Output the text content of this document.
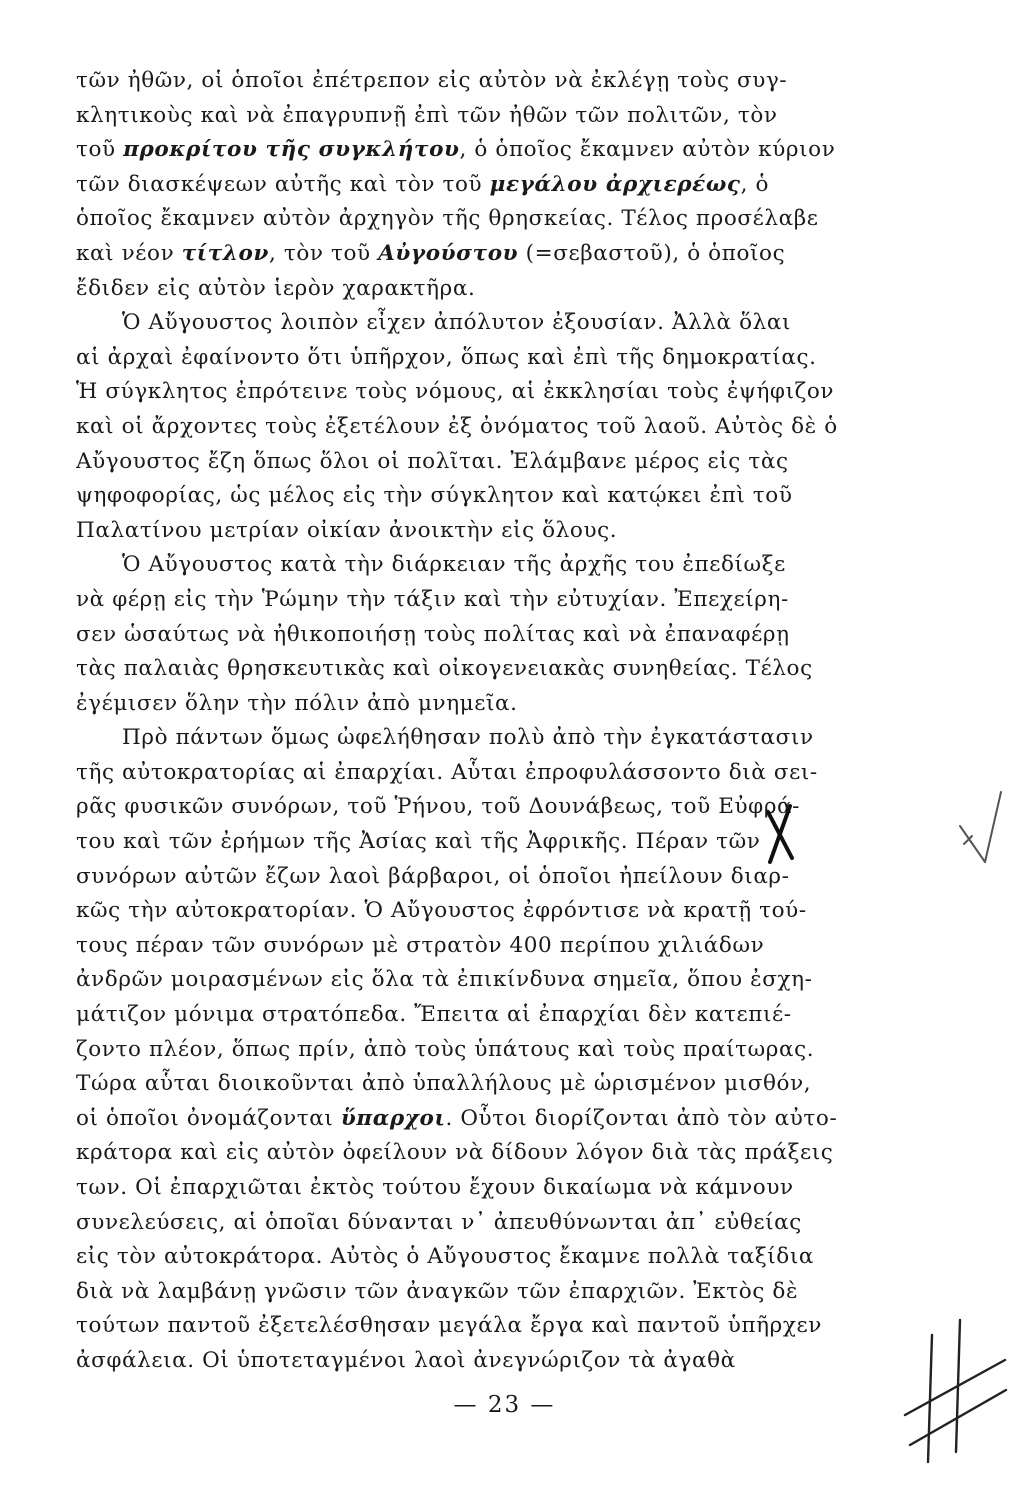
τῶν ἠθῶν, οἱ ὁποῖοι ἐπέτρεπον εἰς αὐτὸν νὰ ἐκλέγῃ τοὺς συγ-
κλητικοὺς καὶ νὰ ἐπαγρυπνῇ ἐπὶ τῶν ἠθῶν τῶν πολιτῶν, τὸν
τοῦ προκρίτου τῆς συγκλήτου, ὁ ὁποῖος ἔκαμνεν αὐτὸν κύριον
τῶν διασκέψεων αὐτῆς καὶ τὸν τοῦ μεγάλου ἀρχιερέως, ὁ
ὁποῖος ἔκαμνεν αὐτὸν ἀρχηγὸν τῆς θρησκείας. Τέλος προσέλαβε
καὶ νέον τίτλον, τὸν τοῦ Αὐγούστου (=σεβαστοῦ), ὁ ὁποῖος
ἔδιδεν εἰς αὐτὸν ἱερὸν χαρακτῆρα.
Ὁ Αὔγουστος λοιπὸν εἶχεν ἀπόλυτον ἐξουσίαν. Ἀλλὰ ὅλαι
αἱ ἀρχαὶ ἐφαίνοντο ὅτι ὑπῆρχον, ὅπως καὶ ἐπὶ τῆς δημοκρατίας.
Ἡ σύγκλητος ἐπρότεινε τοὺς νόμους, αἱ ἐκκλησίαι τοὺς ἐψήφιζον
καὶ οἱ ἄρχοντες τοὺς ἐξετέλουν ἐξ ὀνόματος τοῦ λαοῦ. Αὐτὸς δὲ ὁ
Αὔγουστος ἔζη ὅπως ὅλοι οἱ πολῖται. Ἐλάμβανε μέρος εἰς τὰς
ψηφοφορίας, ὡς μέλος εἰς τὴν σύγκλητον καὶ κατῴκει ἐπὶ τοῦ
Παλατίνου μετρίαν οἰκίαν ἀνοικτὴν εἰς ὅλους.
Ὁ Αὔγουστος κατὰ τὴν διάρκειαν τῆς ἀρχῆς του ἐπεδίωξε
νὰ φέρῃ εἰς τὴν Ῥώμην τὴν τάξιν καὶ τὴν εὐτυχίαν. Ἐπεχείρη-
σεν ὡσαύτως νὰ ἠθικοποιήσῃ τοὺς πολίτας καὶ νὰ ἐπαναφέρῃ
τὰς παλαιὰς θρησκευτικὰς καὶ οἰκογενειακὰς συνηθείας. Τέλος
ἐγέμισεν ὅλην τὴν πόλιν ἀπὸ μνημεῖα.
Πρὸ πάντων ὅμως ὠφελήθησαν πολὺ ἀπὸ τὴν ἐγκατάστασιν
τῆς αὐτοκρατορίας αἱ ἐπαρχίαι. Αὗται ἐπροφυλάσσοντο διὰ σει-
ρᾶς φυσικῶν συνόρων, τοῦ Ῥήνου, τοῦ Δουνάβεως, τοῦ Εὐφρά-
του καὶ τῶν ἐρήμων τῆς Ἀσίας καὶ τῆς Ἀφρικῆς. Πέραν τῶν
συνόρων αὐτῶν ἔζων λαοὶ βάρβαροι, οἱ ὁποῖοι ἠπείλουν διαρ-
κῶς τὴν αὐτοκρατορίαν. Ὁ Αὔγουστος ἐφρόντισε νὰ κρατῇ τού-
τους πέραν τῶν συνόρων μὲ στρατὸν 400 περίπου χιλιάδων
ἀνδρῶν μοιρασμένων εἰς ὅλα τὰ ἐπικίνδυνα σημεῖα, ὅπου ἐσχη-
μάτιζον μόνιμα στρατόπεδα. Ἔπειτα αἱ ἐπαρχίαι δὲν κατεπιέ-
ζοντο πλέον, ὅπως πρίν, ἀπὸ τοὺς ὑπάτους καὶ τοὺς πραίτωρας.
Τώρα αὗται διοικοῦνται ἀπὸ ὑπαλλήλους μὲ ὡρισμένον μισθόν,
οἱ ὁποῖοι ὀνομάζονται ὕπαρχοι. Οὗτοι διορίζονται ἀπὸ τὸν αὐτο-
κράτορα καὶ εἰς αὐτὸν ὀφείλουν νὰ δίδουν λόγον διὰ τὰς πράξεις
των. Οἱ ἐπαρχιῶται ἐκτὸς τούτου ἔχουν δικαίωμα νὰ κάμνουν
συνελεύσεις, αἱ ὁποῖαι δύνανται ν᾽ ἀπευθύνωνται ἀπ᾽ εὐθείας
εἰς τὸν αὐτοκράτορα. Αὐτὸς ὁ Αὔγουστος ἔκαμνε πολλὰ ταξίδια
διὰ νὰ λαμβάνῃ γνῶσιν τῶν ἀναγκῶν τῶν ἐπαρχιῶν. Ἐκτὸς δὲ
τούτων παντοῦ ἐξετελέσθησαν μεγάλα ἔργα καὶ παντοῦ ὑπῆρχεν
ἀσφάλεια. Οἱ ὑποτεταγμένοι λαοὶ ἀνεγνώριζον τὰ ἀγαθὰ
— 23 —
